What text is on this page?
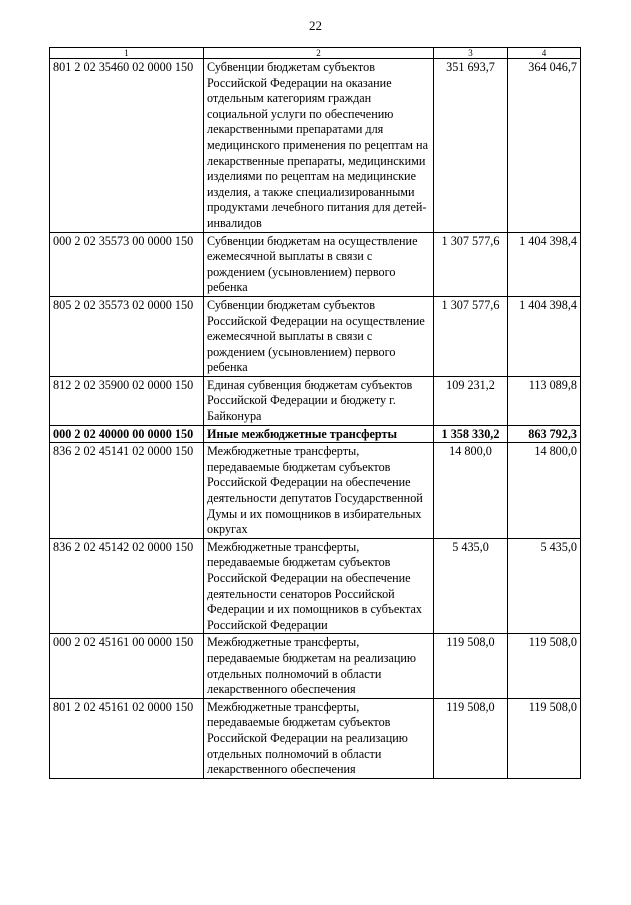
22
1	2	3	4
801 2 02 35460 02 0000 150	Субвенции бюджетам субъектов Российской Федерации на оказание отдельным категориям граждан социальной услуги по обеспечению лекарственными препаратами для медицинского применения по рецептам на лекарственные препараты, медицинскими изделиями по рецептам на медицинские изделия, а также специализированными продуктами лечебного питания для детей-инвалидов	351 693,7	364 046,7
000 2 02 35573 00 0000 150	Субвенции бюджетам на осуществление ежемесячной выплаты в связи с рождением (усыновлением) первого ребенка	1 307 577,6	1 404 398,4
805 2 02 35573 02 0000 150	Субвенции бюджетам субъектов Российской Федерации на осуществление ежемесячной выплаты в связи с рождением (усыновлением) первого ребенка	1 307 577,6	1 404 398,4
812 2 02 35900 02 0000 150	Единая субвенция бюджетам субъектов Российской Федерации и бюджету г. Байконура	109 231,2	113 089,8
000 2 02 40000 00 0000 150	Иные межбюджетные трансферты	1 358 330,2	863 792,3
836 2 02 45141 02 0000 150	Межбюджетные трансферты, передаваемые бюджетам субъектов Российской Федерации на обеспечение деятельности депутатов Государственной Думы и их помощников в избирательных округах	14 800,0	14 800,0
836 2 02 45142 02 0000 150	Межбюджетные трансферты, передаваемые бюджетам субъектов Российской Федерации на обеспечение деятельности сенаторов Российской Федерации и их помощников в субъектах Российской Федерации	5 435,0	5 435,0
000 2 02 45161 00 0000 150	Межбюджетные трансферты, передаваемые бюджетам на реализацию отдельных полномочий в области лекарственного обеспечения	119 508,0	119 508,0
801 2 02 45161 02 0000 150	Межбюджетные трансферты, передаваемые бюджетам субъектов Российской Федерации на реализацию отдельных полномочий в области лекарственного обеспечения	119 508,0	119 508,0
